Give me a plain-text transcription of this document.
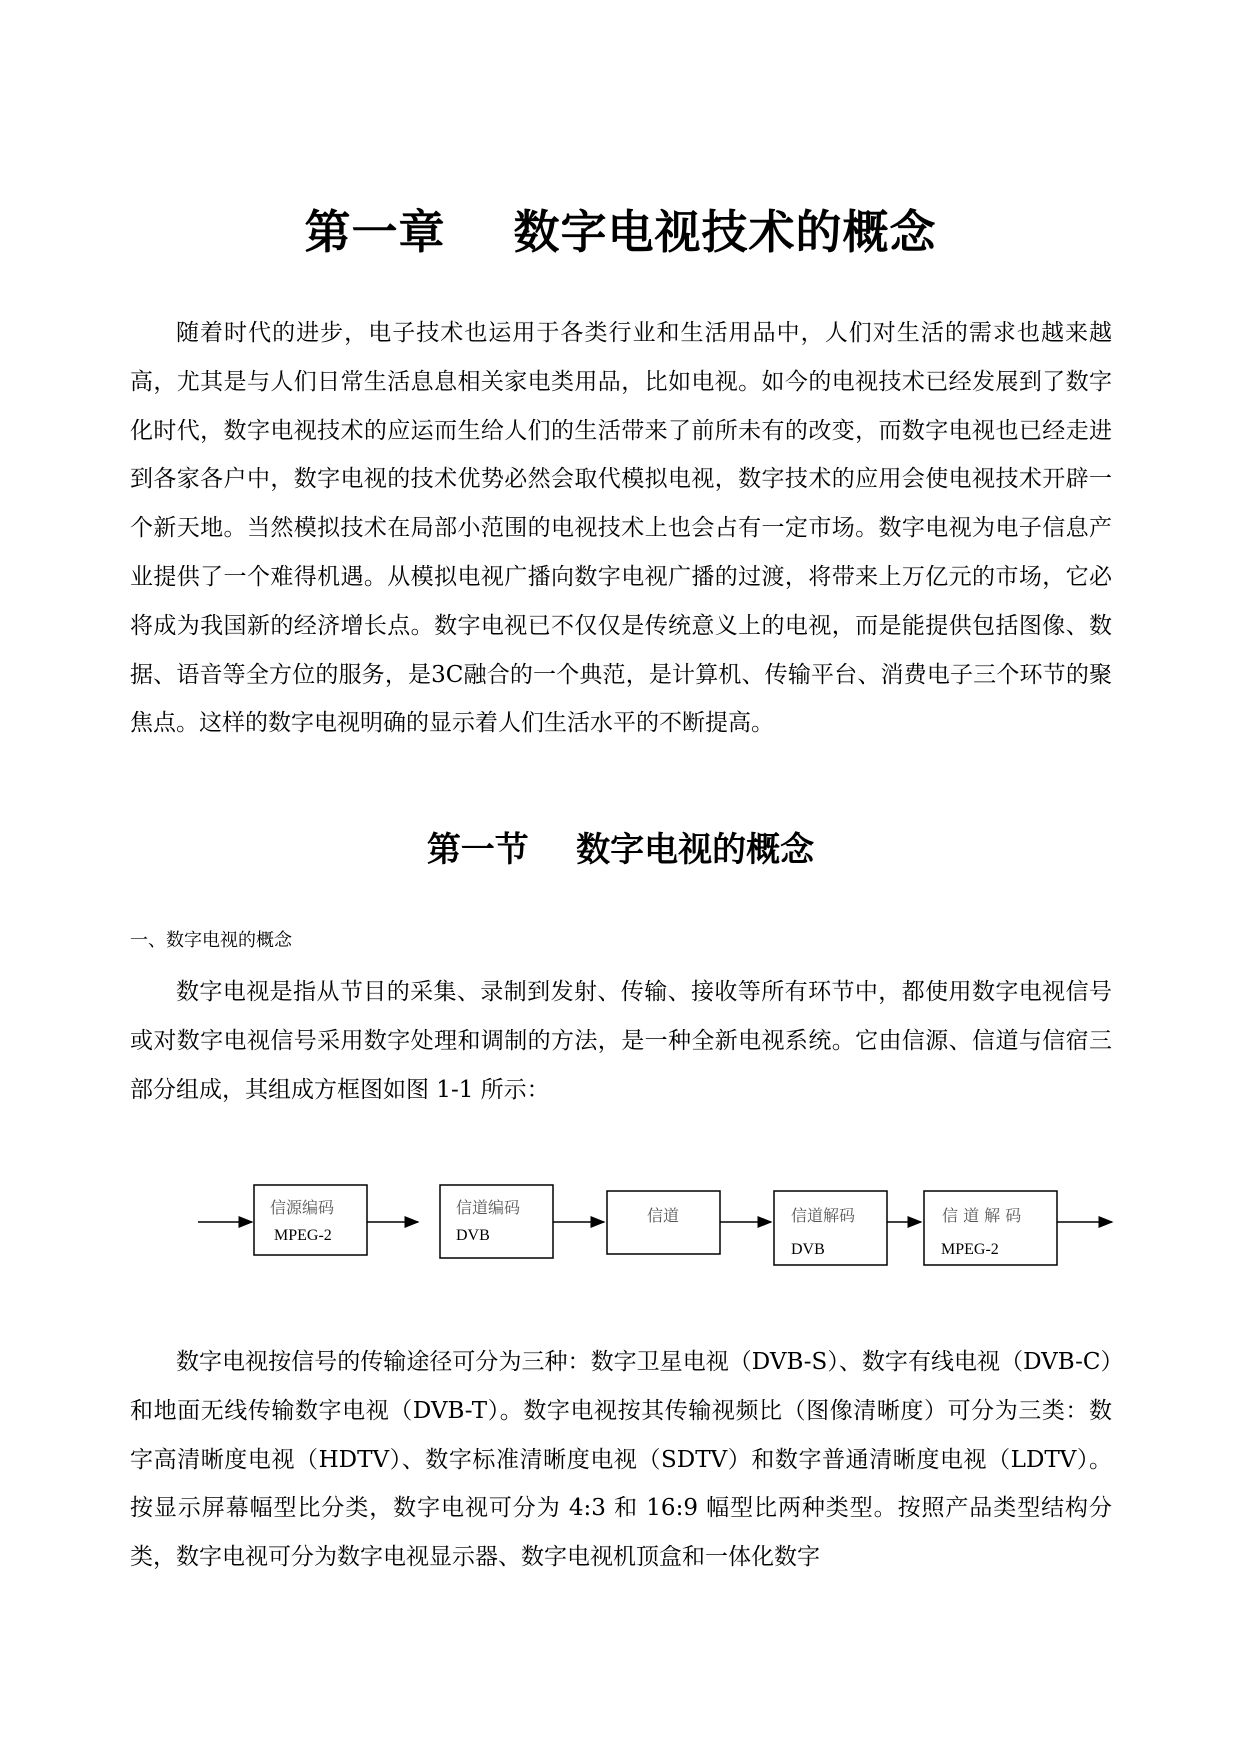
第一章    数字电视技术的概念

随着时代的进步，电子技术也运用于各类行业和生活用品中，人们对生活的需求也越来越高，尤其是与人们日常生活息息相关家电类用品，比如电视。如今的电视技术已经发展到了数字化时代，数字电视技术的应运而生给人们的生活带来了前所未有的改变，而数字电视也已经走进到各家各户中，数字电视的技术优势必然会取代模拟电视，数字技术的应用会使电视技术开辟一个新天地。当然模拟技术在局部小范围的电视技术上也会占有一定市场。数字电视为电子信息产业提供了一个难得机遇。从模拟电视广播向数字电视广播的过渡，将带来上万亿元的市场，它必将成为我国新的经济增长点。数字电视已不仅仅是传统意义上的电视，而是能提供包括图像、数据、语音等全方位的服务，是3C融合的一个典范，是计算机、传输平台、消费电子三个环节的聚焦点。这样的数字电视明确的显示着人们生活水平的不断提高。

第一节    数字电视的概念

一、数字电视的概念

数字电视是指从节目的采集、录制到发射、传输、接收等所有环节中，都使用数字电视信号或对数字电视信号采用数字处理和调制的方法，是一种全新电视系统。它由信源、信道与信宿三部分组成，其组成方框图如图 1-1 所示：

信源编码
MPEG-2
信道编码
DVB
信道	信道解码
DVB
信 道 解 码
MPEG-2

数字电视按信号的传输途径可分为三种：数字卫星电视（DVB-S）、数字有线电视（DVB-C）和地面无线传输数字电视（DVB-T）。数字电视按其传输视频比（图像清晰度）可分为三类：数字高清晰度电视（HDTV）、数字标准清晰度电视（SDTV）和数字普通清晰度电视（LDTV）。按显示屏幕幅型比分类，数字电视可分为 4:3 和 16:9 幅型比两种类型。按照产品类型结构分类，数字电视可分为数字电视显示器、数字电视机顶盒和一体化数字
